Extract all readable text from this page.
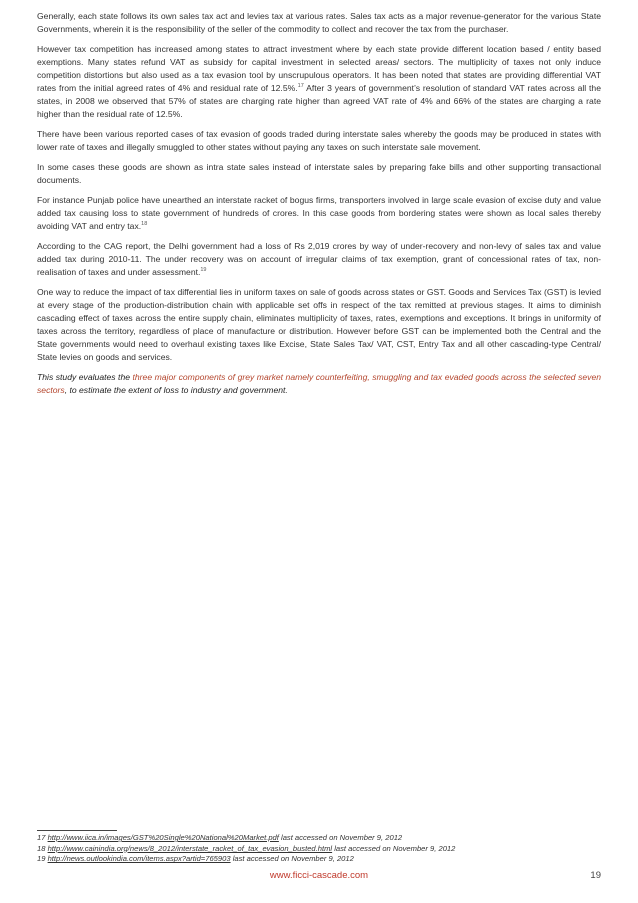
Generally, each state follows its own sales tax act and levies tax at various rates. Sales tax acts as a major revenue-generator for the various State Governments, wherein it is the responsibility of the seller of the commodity to collect and recover the tax from the purchaser.

However tax competition has increased among states to attract investment where by each state provide different location based / entity based exemptions. Many states refund VAT as subsidy for capital investment in selected areas/ sectors. The multiplicity of taxes not only induce competition distortions but also used as a tax evasion tool by unscrupulous operators. It has been noted that states are providing differential VAT rates from the initial agreed rates of 4% and residual rate of 12.5%.$^{17}$ After 3 years of government’s resolution of standard VAT rates across all the states, in 2008 we observed that 57% of states are charging rate higher than agreed VAT rate of 4% and 66% of the states are charging a rate higher than the residual rate of 12.5%.

There have been various reported cases of tax evasion of goods traded during interstate sales whereby the goods may be produced in states with lower rate of taxes and illegally smuggled to other states without paying any taxes on such interstate sale movement.

In some cases these goods are shown as intra state sales instead of interstate sales by preparing fake bills and other supporting transactional documents.

For instance Punjab police have unearthed an interstate racket of bogus firms, transporters involved in large scale evasion of excise duty and value added tax causing loss to state government of hundreds of crores. In this case goods from bordering states were shown as local sales thereby avoiding VAT and entry tax.$^{18}$

According to the CAG report, the Delhi government had a loss of Rs 2,019 crores by way of under-recovery and non-levy of sales tax and value added tax during 2010-11. The under recovery was on account of irregular claims of tax exemption, grant of concessional rates of tax, non- realisation of taxes and under assessment.$^{19}$

One way to reduce the impact of tax differential lies in uniform taxes on sale of goods across states or GST. Goods and Services Tax (GST) is levied at every stage of the production-distribution chain with applicable set offs in respect of the tax remitted at previous stages. It aims to diminish cascading effect of taxes across the entire supply chain, eliminates multiplicity of taxes, rates, exemptions and exceptions. It brings in uniformity of taxes across the territory, regardless of place of manufacture or distribution. However before GST can be implemented both the Central and the State governments would need to overhaul existing taxes like Excise, State Sales Tax/ VAT, CST, Entry Tax and all other cascading-type Central/ State levies on goods and services.

This study evaluates the three major components of grey market namely counterfeiting, smuggling and tax evaded goods across the selected seven sectors, to estimate the extent of loss to industry and government.

17 http://www.iica.in/images/GST%20Single%20National%20Market.pdf last accessed on November 9, 2012
18 http://www.cainindia.org/news/8_2012/interstate_racket_of_tax_evasion_busted.html last accessed on November 9, 2012
19 http://news.outlookindia.com/items.aspx?artid=765903 last accessed on November 9, 2012
www.ficci-cascade.com	19
